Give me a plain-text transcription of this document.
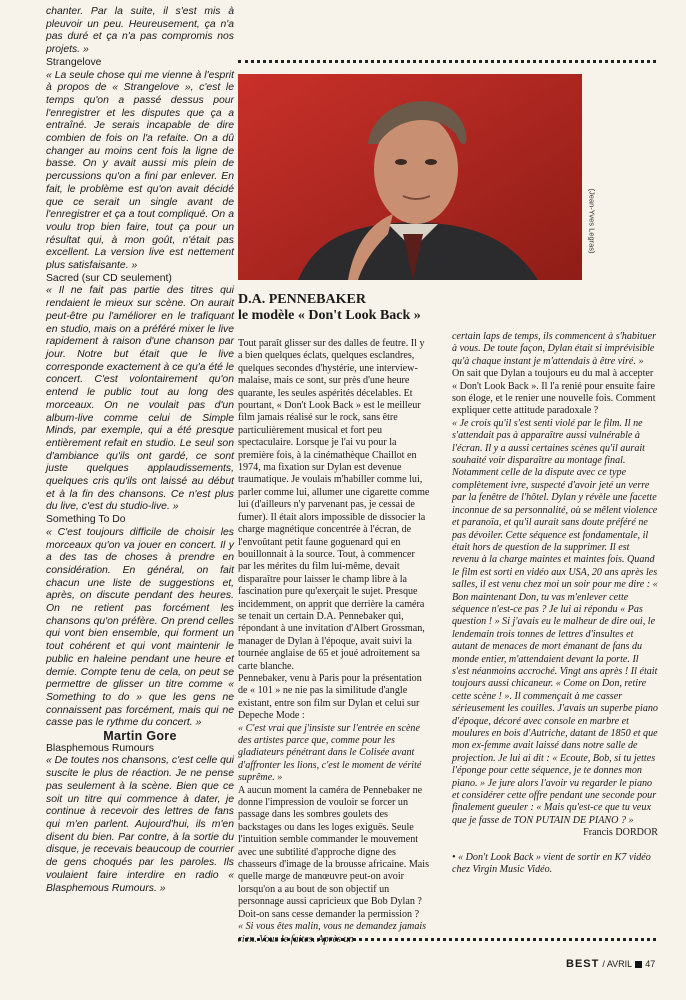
chanter. Par la suite, il s'est mis à pleuvoir un peu. Heureusement, ça n'a pas duré et ça n'a pas compromis nos projets. »

Strangelove

« La seule chose qui me vienne à l'esprit à propos de « Strangelove », c'est le temps qu'on a passé dessus pour l'enregistrer et les disputes que ça a entraîné. Je serais incapable de dire combien de fois on l'a refaite. On a dû changer au moins cent fois la ligne de basse. On y avait aussi mis plein de percussions qu'on a fini par enlever. En fait, le problème est qu'on avait décidé que ce serait un single avant de l'enregistrer et ça a tout compliqué. On a voulu trop bien faire, tout ça pour un résultat qui, à mon goût, n'était pas excellent. La version live est nettement plus satisfaisante. »

Sacred (sur CD seulement)

« Il ne fait pas partie des titres qui rendaient le mieux sur scène. On aurait peut-être pu l'améliorer en le trafiquant en studio, mais on a préféré mixer le live rapidement à raison d'une chanson par jour. Notre but était que le live corresponde exactement à ce qu'a été le concert. C'est volontairement qu'on entend le public tout au long des morceaux. On ne voulait pas d'un album-live comme celui de Simple Minds, par exemple, qui a été presque entièrement refait en studio. Le seul son d'ambiance qu'ils ont gardé, ce sont juste quelques applaudissements, quelques cris qu'ils ont laissé au début et à la fin des chansons. Ce n'est plus du live, c'est du studio-live. »

Something To Do

« C'est toujours difficile de choisir les morceaux qu'on va jouer en concert. Il y a des tas de choses à prendre en considération. En général, on fait chacun une liste de suggestions et, après, on discute pendant des heures. On ne retient pas forcément les chansons qu'on préfère. On prend celles qui vont bien ensemble, qui forment un tout cohérent et qui vont maintenir le public en haleine pendant une heure et demie. Compte tenu de cela, on peut se permettre de glisser un titre comme « Something to do » que les gens ne connaissent pas forcément, mais qui ne casse pas le rythme du concert. »

Martin Gore

Blasphemous Rumours

« De toutes nos chansons, c'est celle qui suscite le plus de réaction. Je ne pense pas seulement à la scène. Bien que ce soit un titre qui commence à dater, je continue à recevoir des lettres de fans qui m'en parlent. Aujourd'hui, ils m'en disent du bien. Par contre, à la sortie du disque, je recevais beaucoup de courrier de gens choqués par les paroles. Ils voulaient faire interdire en radio « Blasphemous Rumours. »

(Jean-Yves Legras)
D.A. PENNEBAKER
le modèle « Don't Look Back »

Tout paraît glisser sur des dalles de feutre. Il y a bien quelques éclats, quelques esclandres, quelques secondes d'hystérie, une interview-malaise, mais ce sont, sur près d'une heure quarante, les seules aspérités décelables. Et pourtant, « Don't Look Back » est le meilleur film jamais réalisé sur le rock, sans être particulièrement musical et fort peu spectaculaire. Lorsque je l'ai vu pour la première fois, à la cinémathèque Chaillot en 1974, ma fixation sur Dylan est devenue traumatique. Je voulais m'habiller comme lui, parler comme lui, allumer une cigarette comme lui (d'ailleurs n'y parvenant pas, je cessai de fumer). Il était alors impossible de dissocier la charge magnétique concentrée à l'écran, de l'envoûtant petit faune goguenard qui en bouillonnait à la source. Tout, à commencer par les mérites du film lui-même, devait disparaître pour laisser le champ libre à la fascination pure qu'exerçait le sujet. Presque incidemment, on apprit que derrière la caméra se tenait un certain D.A. Pennebaker qui, répondant à une invitation d'Albert Grossman, manager de Dylan à l'époque, avait suivi la tournée anglaise de 65 et joué adroitement sa carte blanche.

Pennebaker, venu à Paris pour la présentation de « 101 » ne nie pas la similitude d'angle existant, entre son film sur Dylan et celui sur Depeche Mode :

« C'est vrai que j'insiste sur l'entrée en scène des artistes parce que, comme pour les gladiateurs pénétrant dans le Colisée avant d'affronter les lions, c'est le moment de vérité suprême. »

A aucun moment la caméra de Pennebaker ne donne l'impression de vouloir se forcer un passage dans les sombres goulets des backstages ou dans les loges exiguës. Seule l'intuition semble commander le mouvement avec une subtilité d'approche digne des chasseurs d'image de la brousse africaine. Mais quelle marge de manœuvre peut-on avoir lorsqu'on a au bout de son objectif un personnage aussi capricieux que Bob Dylan ? Doit-on sans cesse demander la permission ?

« Si vous êtes malin, vous ne demandez jamais rien. Vous le faites. Après un

certain laps de temps, ils commencent à s'habituer à vous. De toute façon, Dylan était si imprévisible qu'à chaque instant je m'attendais à être viré. »

On sait que Dylan a toujours eu du mal à accepter « Don't Look Back ». Il l'a renié pour ensuite faire son éloge, et le renier une nouvelle fois. Comment expliquer cette attitude paradoxale ?

« Je crois qu'il s'est senti violé par le film. Il ne s'attendait pas à apparaître aussi vulnérable à l'écran. Il y a aussi certaines scènes qu'il aurait souhaité voir disparaître au montage final. Notamment celle de la dispute avec ce type complètement ivre, suspecté d'avoir jeté un verre par la fenêtre de l'hôtel. Dylan y révèle une facette inconnue de sa personnalité, où se mêlent violence et paranoïa, et qu'il aurait sans doute préféré ne pas dévoiler. Cette séquence est fondamentale, il était hors de question de la supprimer. Il est revenu à la charge maintes et maintes fois. Quand le film est sorti en vidéo aux USA, 20 ans après les salles, il est venu chez moi un soir pour me dire : « Bon maintenant Don, tu vas m'enlever cette séquence n'est-ce pas ? Je lui ai répondu « Pas question ! » Si j'avais eu le malheur de dire oui, le lendemain trois tonnes de lettres d'insultes et autant de menaces de mort émanant de fans du monde entier, m'attendaient devant la porte. Il s'est néanmoins accroché. Vingt ans après ! Il était toujours aussi chicaneur. « Come on Don, retire cette scène ! ». Il commençait à me casser sérieusement les couilles. J'avais un superbe piano d'époque, décoré avec console en marbre et moulures en bois d'Autriche, datant de 1850 et que mon ex-femme avait laissé dans notre salle de projection. Je lui ai dit : « Ecoute, Bob, si tu jettes l'éponge pour cette séquence, je te donnes mon piano. » Je jure alors l'avoir vu regarder le piano et considérer cette offre pendant une seconde pour finalement gueuler : « Mais qu'est-ce que tu veux que je fasse de TON PUTAIN DE PIANO ? »

Francis DORDOR

• « Don't Look Back » vient de sortir en K7 vidéo chez Virgin Music Vidéo.

BEST / AVRIL 47
